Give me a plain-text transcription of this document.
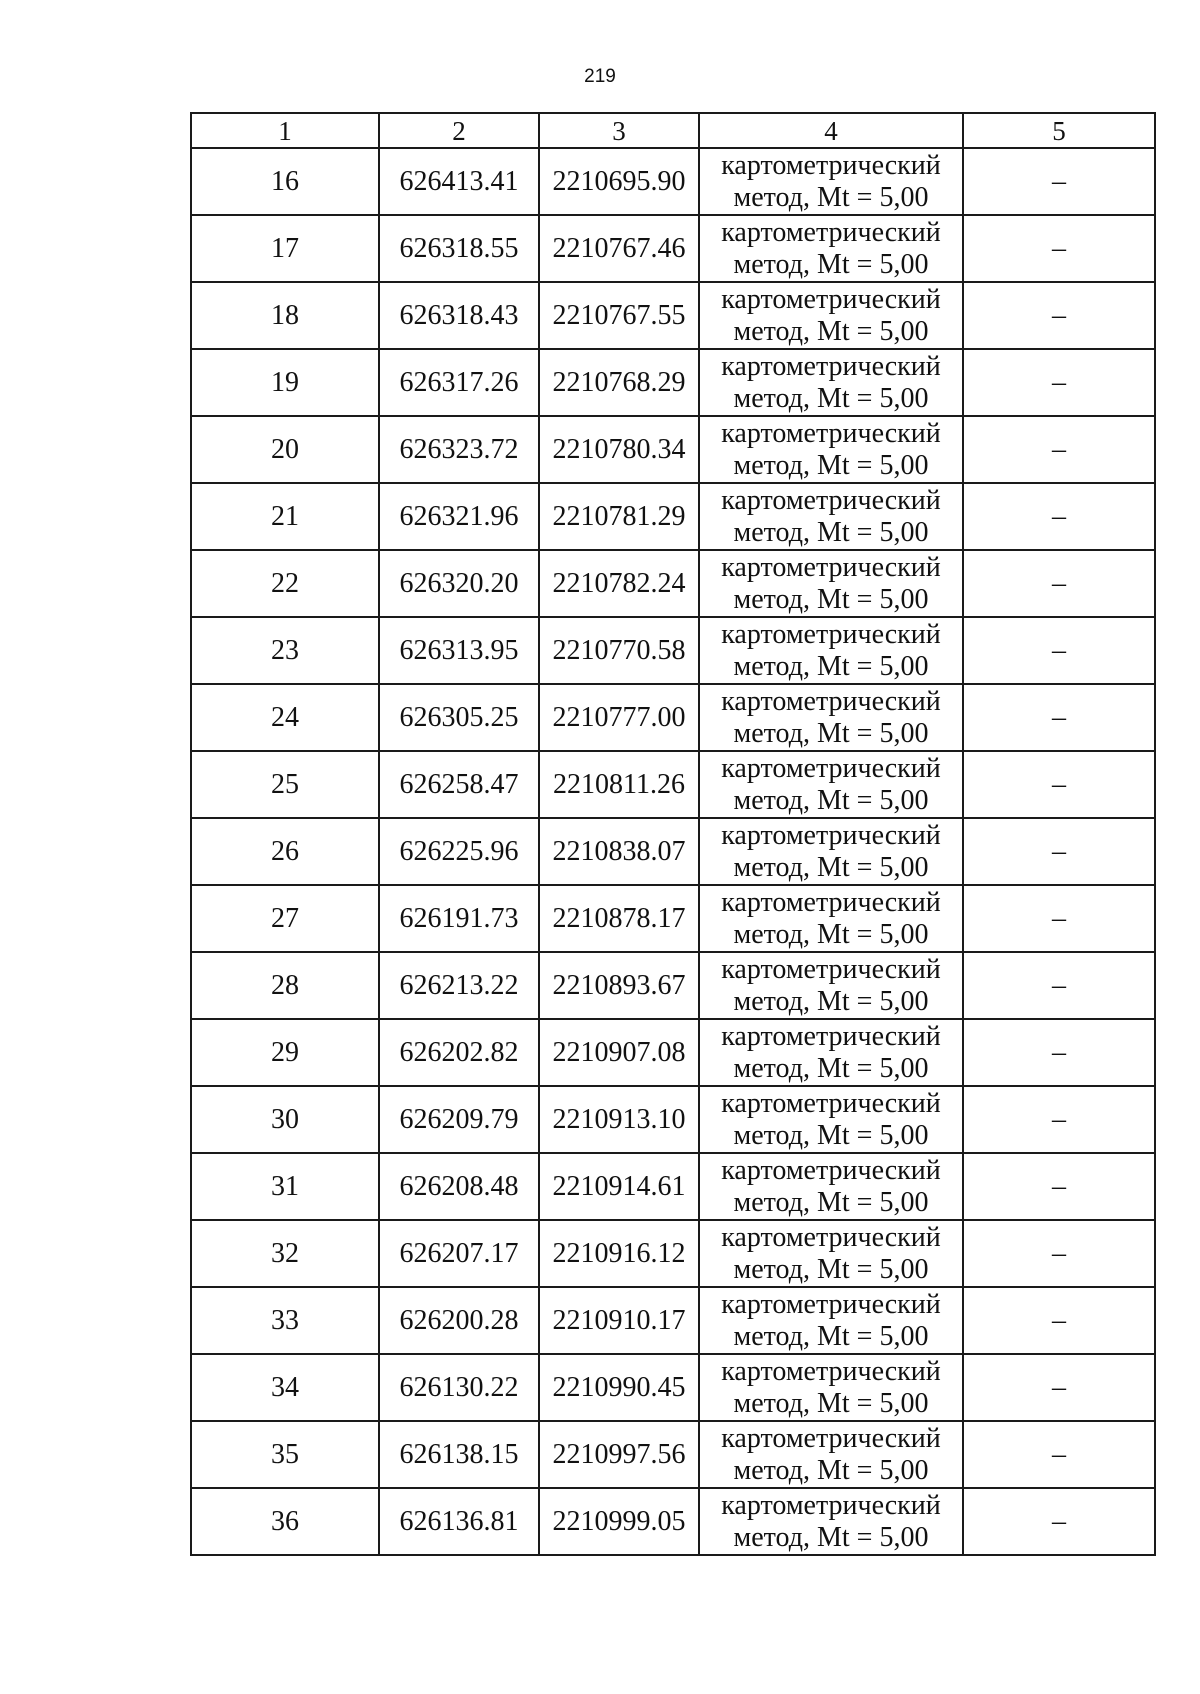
219
1	2	3	4	5
16	626413.41	2210695.90	картометрический
метод, Mt = 5,00	–
17	626318.55	2210767.46	картометрический
метод, Mt = 5,00	–
18	626318.43	2210767.55	картометрический
метод, Mt = 5,00	–
19	626317.26	2210768.29	картометрический
метод, Mt = 5,00	–
20	626323.72	2210780.34	картометрический
метод, Mt = 5,00	–
21	626321.96	2210781.29	картометрический
метод, Mt = 5,00	–
22	626320.20	2210782.24	картометрический
метод, Mt = 5,00	–
23	626313.95	2210770.58	картометрический
метод, Mt = 5,00	–
24	626305.25	2210777.00	картометрический
метод, Mt = 5,00	–
25	626258.47	2210811.26	картометрический
метод, Mt = 5,00	–
26	626225.96	2210838.07	картометрический
метод, Mt = 5,00	–
27	626191.73	2210878.17	картометрический
метод, Mt = 5,00	–
28	626213.22	2210893.67	картометрический
метод, Mt = 5,00	–
29	626202.82	2210907.08	картометрический
метод, Mt = 5,00	–
30	626209.79	2210913.10	картометрический
метод, Mt = 5,00	–
31	626208.48	2210914.61	картометрический
метод, Mt = 5,00	–
32	626207.17	2210916.12	картометрический
метод, Mt = 5,00	–
33	626200.28	2210910.17	картометрический
метод, Mt = 5,00	–
34	626130.22	2210990.45	картометрический
метод, Mt = 5,00	–
35	626138.15	2210997.56	картометрический
метод, Mt = 5,00	–
36	626136.81	2210999.05	картометрический
метод, Mt = 5,00	–
